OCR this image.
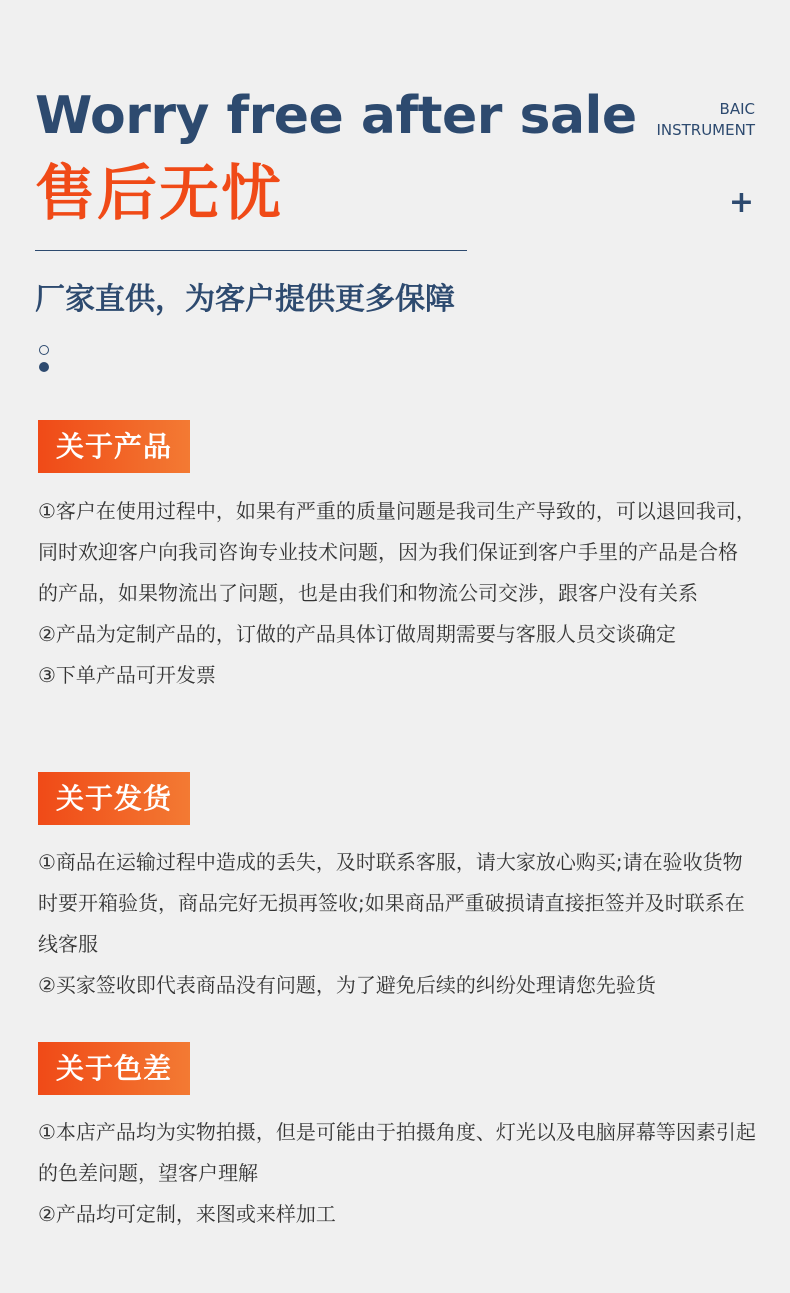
Worry free after sale	BAIC
INSTRUMENT
售后无忧	+
厂家直供，为客户提供更多保障
关于产品

①客户在使用过程中，如果有严重的质量问题是我司生产导致的，可以退回我司，同时欢迎客户向我司咨询专业技术问题，因为我们保证到客户手里的产品是合格的产品，如果物流出了问题，也是由我们和物流公司交涉，跟客户没有关系

②产品为定制产品的，订做的产品具体订做周期需要与客服人员交谈确定

③下单产品可开发票

关于发货

①商品在运输过程中造成的丢失，及时联系客服，请大家放心购买;请在验收货物时要开箱验货，商品完好无损再签收;如果商品严重破损请直接拒签并及时联系在线客服

②买家签收即代表商品没有问题，为了避免后续的纠纷处理请您先验货

关于色差

①本店产品均为实物拍摄，但是可能由于拍摄角度、灯光以及电脑屏幕等因素引起的色差问题，望客户理解

②产品均可定制，来图或来样加工
